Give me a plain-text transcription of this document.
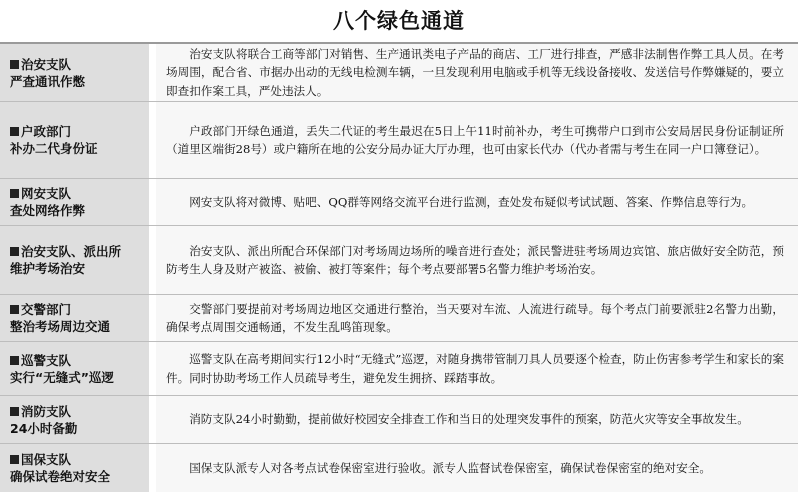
八个绿色通道
治安支队
严查通讯作憋
治安支队将联合工商等部门对销售、生产通讯类电子产品的商店、工厂进行排查，严感非法制售作弊工具人员。在考场周围，配合省、市据办出动的无线电检测车辆，一旦发现利用电脑或手机等无线设备接收、发送信号作弊嫌疑的，要立即查扣作案工具，严处违法人。
户政部门
补办二代身份证
户政部门开绿色通道，丢失二代证的考生最迟在5日上午11时前补办，考生可携带户口到市公安局居民身份证制证所（道里区端街28号）或户籍所在地的公安分局办证大厅办理，也可由家长代办（代办者需与考生在同一户口簿登记）。
网安支队
查处网络作弊
网安支队将对微博、贴吧、QQ群等网络交流平台进行监测，查处发布疑似考试试题、答案、作弊信息等行为。
治安支队、派出所
维护考场治安
治安支队、派出所配合环保部门对考场周边场所的噪音进行查处；派民警进驻考场周边宾馆、旅店做好安全防范，预防考生人身及财产被盗、被偷、被打等案件；每个考点要部署5名警力维护考场治安。
交警部门
整治考场周边交通
交警部门要提前对考场周边地区交通进行整治，当天要对车流、人流进行疏导。每个考点门前要派驻2名警力出勤，确保考点周围交通畅通，不发生乱鸣笛现象。
巡警支队
实行“无缝式”巡逻
巡警支队在高考期间实行12小时“无缝式”巡逻，对随身携带管制刀具人员要逐个检查，防止伤害参考学生和家长的案件。同时协助考场工作人员疏导考生，避免发生拥挤、踩踏事故。
消防支队
24小时备勤
消防支队24小时勤勤，提前做好校园安全排查工作和当日的处理突发事件的预案，防范火灾等安全事故发生。
国保支队
确保试卷绝对安全
国保支队派专人对各考点试卷保密室进行验收。派专人监督试卷保密室，确保试卷保密室的绝对安全。
